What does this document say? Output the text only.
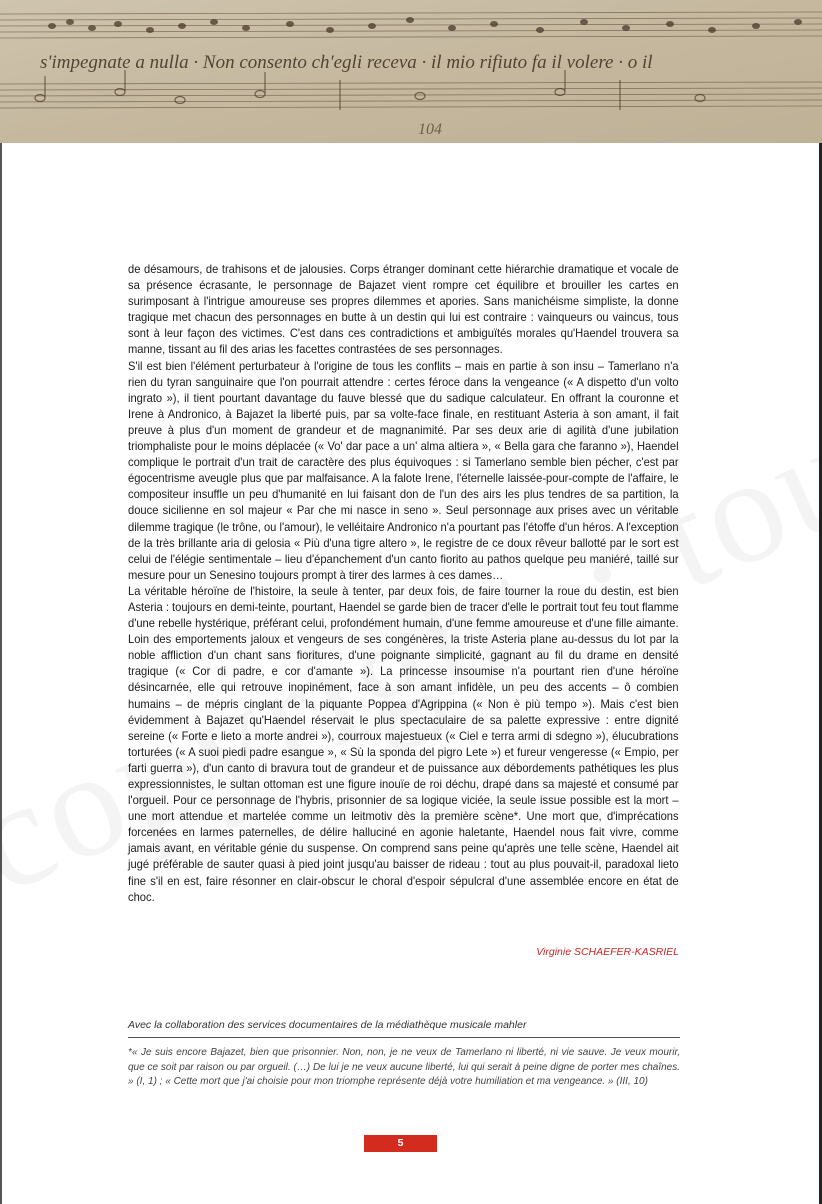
s'impegnate a nulla · Non consento ch'egli receva · il mio rifiuto fa il volere · o il
104

de désamours, de trahisons et de jalousies. Corps étranger dominant cette hiérarchie dramatique et vocale de sa présence écrasante, le personnage de Bajazet vient rompre cet équilibre et brouiller les cartes en surimposant à l'intrigue amoureuse ses propres dilemmes et apories. Sans manichéisme simpliste, la donne tragique met chacun des personnages en butte à un destin qui lui est contraire : vainqueurs ou vaincus, tous sont à leur façon des victimes. C'est dans ces contradictions et ambiguïtés morales qu'Haendel trouvera sa manne, tissant au fil des arias les facettes contrastées de ses personnages.

S'il est bien l'élément perturbateur à l'origine de tous les conflits – mais en partie à son insu – Tamerlano n'a rien du tyran sanguinaire que l'on pourrait attendre : certes féroce dans la vengeance (« A dispetto d'un volto ingrato »), il tient pourtant davantage du fauve blessé que du sadique calculateur. En offrant la couronne et Irene à Andronico, à Bajazet la liberté puis, par sa volte-face finale, en restituant Asteria à son amant, il fait preuve à plus d'un moment de grandeur et de magnanimité. Par ses deux arie di agilità d'une jubilation triomphaliste pour le moins déplacée (« Vo' dar pace a un' alma altiera », « Bella gara che faranno »), Haendel complique le portrait d'un trait de caractère des plus équivoques : si Tamerlano semble bien pécher, c'est par égocentrisme aveugle plus que par malfaisance. A la falote Irene, l'éternelle laissée-pour-compte de l'affaire, le compositeur insuffle un peu d'humanité en lui faisant don de l'un des airs les plus tendres de sa partition, la douce sicilienne en sol majeur « Par che mi nasce in seno ». Seul personnage aux prises avec un véritable dilemme tragique (le trône, ou l'amour), le velléitaire Andronico n'a pourtant pas l'étoffe d'un héros. A l'exception de la très brillante aria di gelosia « Più d'una tigre altero », le registre de ce doux rêveur ballotté par le sort est celui de l'élégie sentimentale – lieu d'épanchement d'un canto fiorito au pathos quelque peu maniéré, taillé sur mesure pour un Senesino toujours prompt à tirer des larmes à ces dames…

La véritable héroïne de l'histoire, la seule à tenter, par deux fois, de faire tourner la roue du destin, est bien Asteria : toujours en demi-teinte, pourtant, Haendel se garde bien de tracer d'elle le portrait tout feu tout flamme d'une rebelle hystérique, préférant celui, profondément humain, d'une femme amoureuse et d'une fille aimante. Loin des emportements jaloux et vengeurs de ses congénères, la triste Asteria plane au-dessus du lot par la noble affliction d'un chant sans fioritures, d'une poignante simplicité, gagnant au fil du drame en densité tragique (« Cor di padre, e cor d'amante »). La princesse insoumise n'a pourtant rien d'une héroïne désincarnée, elle qui retrouve inopinément, face à son amant infidèle, un peu des accents – ô combien humains – de mépris cinglant de la piquante Poppea d'Agrippina (« Non è più tempo »). Mais c'est bien évidemment à Bajazet qu'Haendel réservait le plus spectaculaire de sa palette expressive : entre dignité sereine (« Forte e lieto a morte andrei »), courroux majestueux (« Ciel e terra armi di sdegno »), élucubrations torturées (« A suoi piedi padre esangue », « Sù la sponda del pigro Lete ») et fureur vengeresse (« Empio, per farti guerra »), d'un canto di bravura tout de grandeur et de puissance aux débordements pathétiques les plus expressionnistes, le sultan ottoman est une figure inouïe de roi déchu, drapé dans sa majesté et consumé par l'orgueil. Pour ce personnage de l'hybris, prisonnier de sa logique viciée, la seule issue possible est la mort – une mort attendue et martelée comme un leitmotiv dès la première scène*. Une mort que, d'imprécations forcenées en larmes paternelles, de délire halluciné en agonie haletante, Haendel nous fait vivre, comme jamais avant, en véritable génie du suspense. On comprend sans peine qu'après une telle scène, Haendel ait jugé préférable de sauter quasi à pied joint jusqu'au baisser de rideau : tout au plus pouvait-il, paradoxal lieto fine s'il en est, faire résonner en clair-obscur le choral d'espoir sépulcral d'une assemblée encore en état de choc.

Virginie SCHAEFER-KASRIEL
Avec la collaboration des services documentaires de la médiathèque musicale mahler

*« Je suis encore Bajazet, bien que prisonnier. Non, non, je ne veux de Tamerlano ni liberté, ni vie sauve. Je veux mourir, que ce soit par raison ou par orgueil. (…) De lui je ne veux aucune liberté, lui qui serait à peine digne de porter mes chaînes. » (I, 1) ; « Cette mort que j'ai choisie pour mon triomphe représente déjà votre humiliation et ma vengeance. » (III, 10)

5
